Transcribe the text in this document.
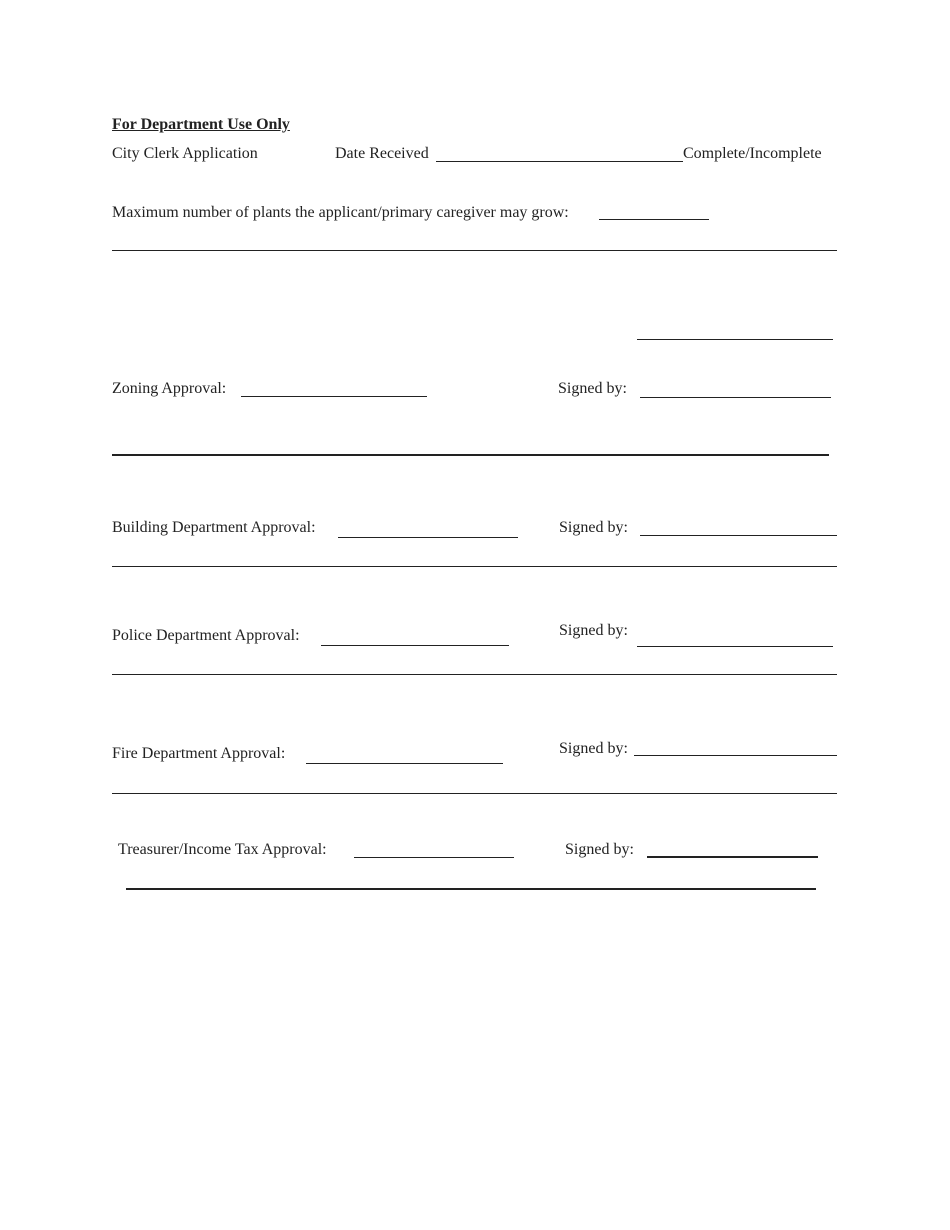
For Department Use Only
City Clerk Application	Date Received	Complete/Incomplete
Maximum number of plants the applicant/primary caregiver may grow:
Zoning Approval:	Signed by:
Building Department Approval:	Signed by:
Police Department Approval:	Signed by:
Fire Department Approval:	Signed by:
Treasurer/Income Tax Approval:	Signed by:
